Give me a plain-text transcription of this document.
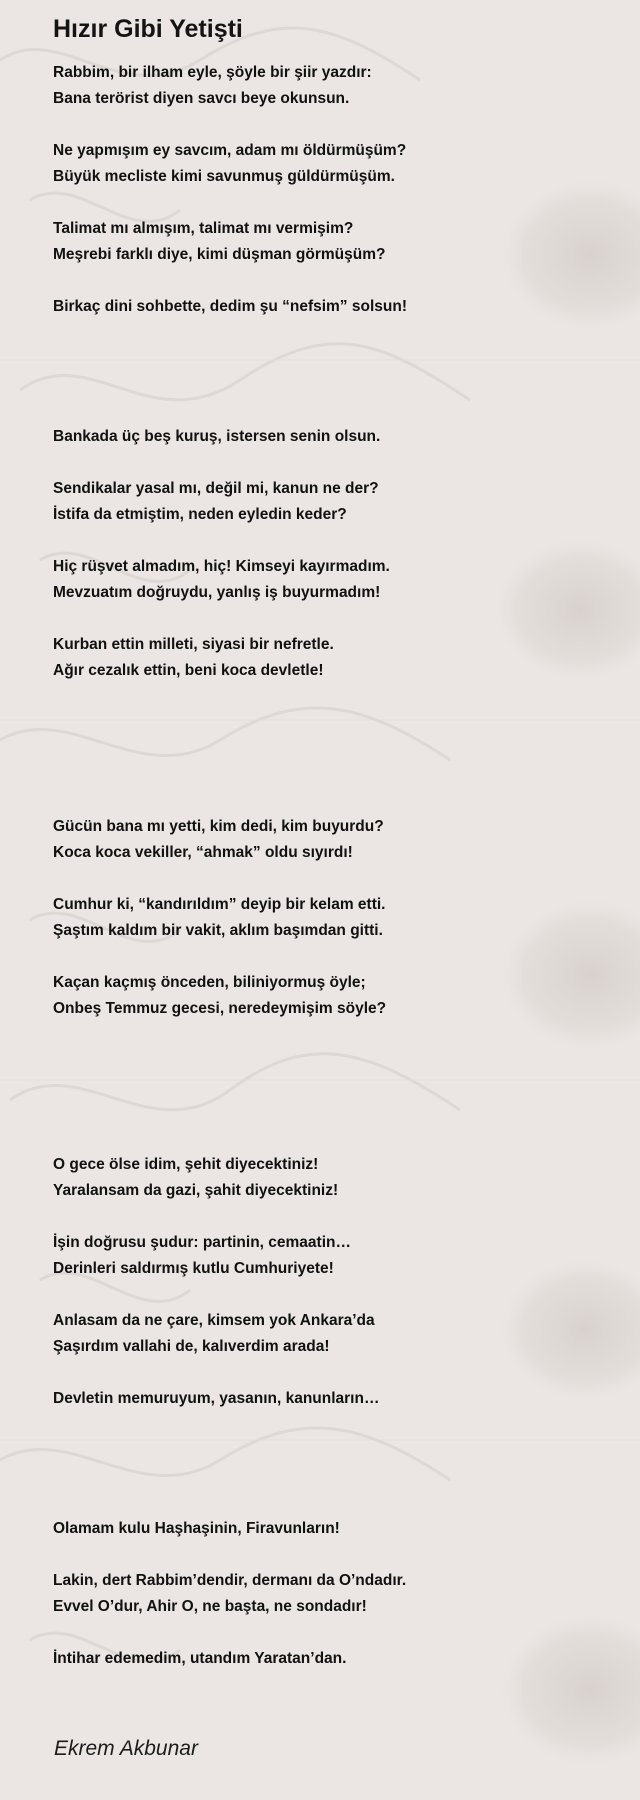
Hızır Gibi Yetişti
Rabbim, bir ilham eyle, şöyle bir şiir yazdır:
Bana terörist diyen savcı beye okunsun.
Ne yapmışım ey savcım, adam mı öldürmüşüm?
Büyük mecliste kimi savunmuş güldürmüşüm.
Talimat mı almışım, talimat mı vermişim?
Meşrebi farklı diye, kimi düşman görmüşüm?
Birkaç dini sohbette, dedim şu “nefsim” solsun!
Bankada üç beş kuruş, istersen senin olsun.
Sendikalar yasal mı, değil mi, kanun ne der?
İstifa da etmiştim, neden eyledin keder?
Hiç rüşvet almadım, hiç! Kimseyi kayırmadım.
Mevzuatım doğruydu, yanlış iş buyurmadım!
Kurban ettin milleti, siyasi bir nefretle.
Ağır cezalık ettin, beni koca devletle!
Gücün bana mı yetti, kim dedi, kim buyurdu?
Koca koca vekiller, “ahmak” oldu sıyırdı!
Cumhur ki, “kandırıldım” deyip bir kelam etti.
Şaştım kaldım bir vakit, aklım başımdan gitti.
Kaçan kaçmış önceden, biliniyormuş öyle;
Onbeş Temmuz gecesi, neredeymişim söyle?
O gece ölse idim, şehit diyecektiniz!
Yaralansam da gazi, şahit diyecektiniz!
İşin doğrusu şudur: partinin, cemaatin…
Derinleri saldırmış kutlu Cumhuriyete!
Anlasam da ne çare, kimsem yok Ankara’da
Şaşırdım vallahi de, kalıverdim arada!
Devletin memuruyum, yasanın, kanunların…
Olamam kulu Haşhaşinin, Firavunların!
Lakin, dert Rabbim’dendir, dermanı da O’ndadır.
Evvel O’dur, Ahir O, ne başta, ne sondadır!
İntihar edemedim, utandım Yaratan’dan.
Ekrem Akbunar
